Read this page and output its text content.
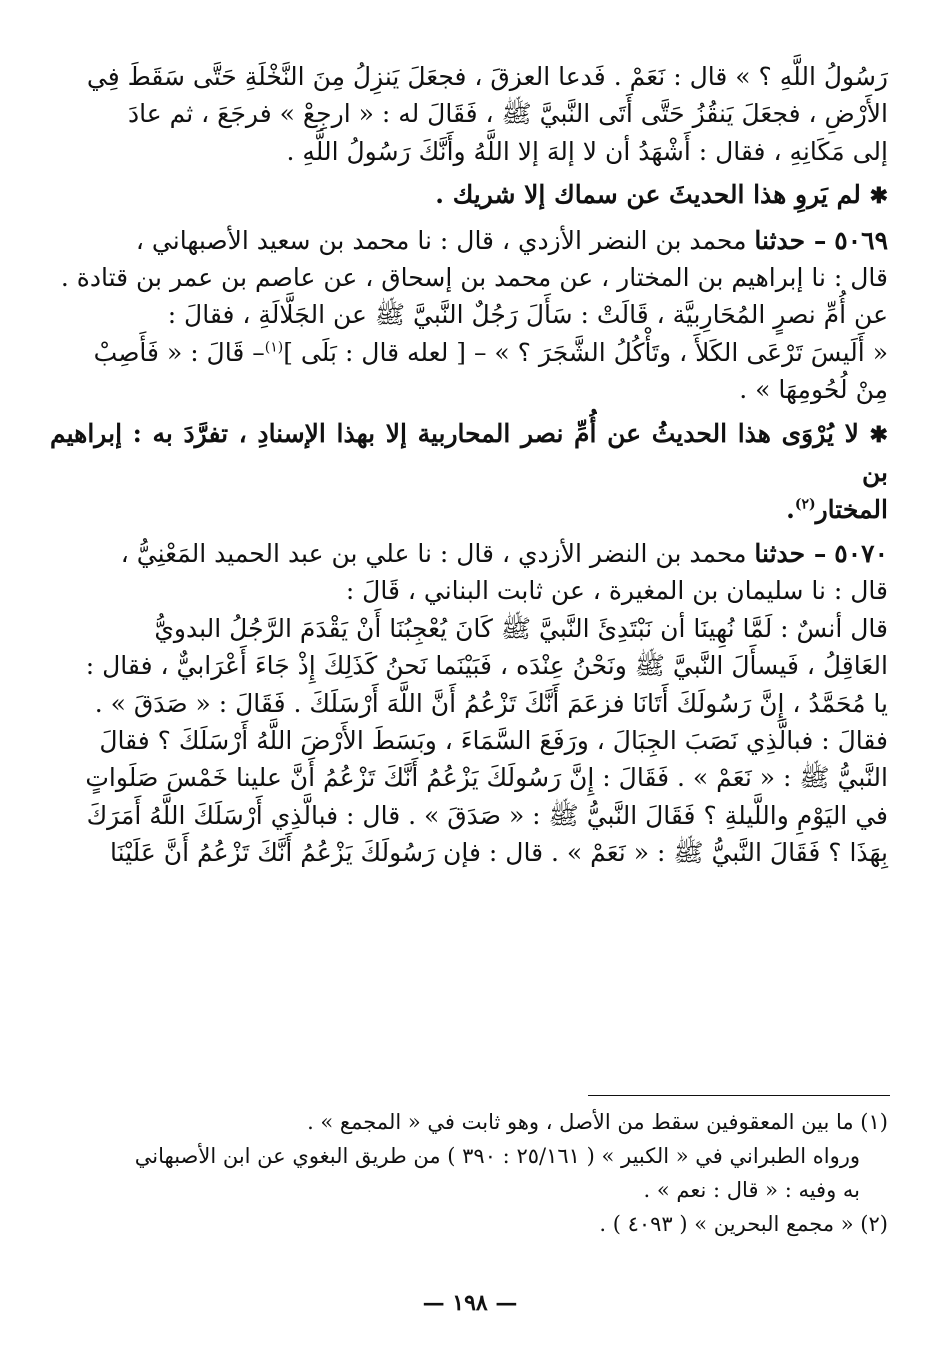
رَسُولُ اللَّهِ ؟ » قال : نَعَمْ . فَدعا العزقَ ، فجعَلَ يَنزِلُ مِنَ النَّخْلَةِ حَتَّى سَقَطَ فِي

الأَرْضِ ، فجعَلَ يَنقُزُ حَتَّى أَتَى النَّبيَّ ﷺ ، فَقَالَ له : « ارجِعْ » فرجَعَ ، ثم عادَ

إلى مَكَانِهِ ، فقال : أَشْهَدُ أن لا إلهَ إلا اللَّهُ وأَنَّكَ رَسُولُ اللَّهِ .

✱ لم يَروِ هذا الحديثَ عن سماك إلا شريك .

٥٠٦٩ – حدثنا محمد بن النضر الأزدي ، قال : نا محمد بن سعيد الأصبهاني ،

قال : نا إبراهيم بن المختار ، عن محمد بن إسحاق ، عن عاصم بن عمر بن قتادة .

عن أُمِّ نصرٍ المُحَارِبيَّة ، قَالَتْ : سَأَلَ رَجُلٌ النَّبيَّ ﷺ عن الجَلَّالَةِ ، فقالَ :

« أَلَيسَ تَرْعَى الكَلأَ ، وتَأْكُلُ الشَّجَرَ ؟ » – [ لعله قال : بَلَى ]$^{(١)}$– قَالَ : « فَأَصِبْ

مِنْ لُحُومِهَا » .

✱ لا يُرْوَى هذا الحديثُ عن أُمِّ نصر المحاربية إلا بهذا الإسنادِ ، تفرَّدَ به : إبراهيم بن

المختار$^{(٢)}$.

٥٠٧٠ – حدثنا محمد بن النضر الأزدي ، قال : نا علي بن عبد الحميد المَعْنِيُّ ،

قال : نا سليمان بن المغيرة ، عن ثابت البناني ، قَالَ :

قال أنسٌ : لَمَّا نُهِينَا أن نَبْتَدِئَ النَّبيَّ ﷺ كَانَ يُعْجِبُنَا أَنْ يَقْدَمَ الرَّجُلُ البدويُّ

العَاقِلُ ، فَيسأَلَ النَّبيَّ ﷺ ونَحْنُ عِنْدَه ، فَبَيْنَما نَحنُ كَذَلِكَ إِذْ جَاءَ أَعْرَابيٌّ ، فقال :

يا مُحَمَّدُ ، إِنَّ رَسُولَكَ أَتَانَا فزعَمَ أَنَّكَ تَزْعُمُ أَنَّ اللَّهَ أَرْسَلَكَ . فَقَالَ : « صَدَقَ » .

فقالَ : فبالَّذِي نَصَبَ الجِبَالَ ، ورَفَعَ السَّمَاءَ ، وبَسَطَ الأَرْضَ اللَّهُ أَرْسَلَكَ ؟ فقالَ

النَّبيُّ ﷺ : « نَعَمْ » . فَقَالَ : إِنَّ رَسُولَكَ يَزْعُمُ أَنَّكَ تَزْعُمُ أَنَّ علينا خَمْسَ صَلَواتٍ

في اليَوْمِ واللَّيلةِ ؟ فَقَالَ النَّبيُّ ﷺ : « صَدَقَ » . قال : فبالَّذِي أَرْسَلَكَ اللَّهُ أَمَرَكَ

بِهَذَا ؟ فَقَالَ النَّبيُّ ﷺ : « نَعَمْ » . قال : فإن رَسُولَكَ يَزْعُمُ أَنَّكَ تَزْعُمُ أَنَّ عَلَيْنَا

(١) ما بين المعقوفين سقط من الأصل ، وهو ثابت في « المجمع » .

ورواه الطبراني في « الكبير » ( ٢٥/١٦١ : ٣٩٠ ) من طريق البغوي عن ابن الأصبهاني

به وفيه : « قال : نعم » .

(٢) « مجمع البحرين » ( ٤٠٩٣ ) .

— ١٩٨ —
